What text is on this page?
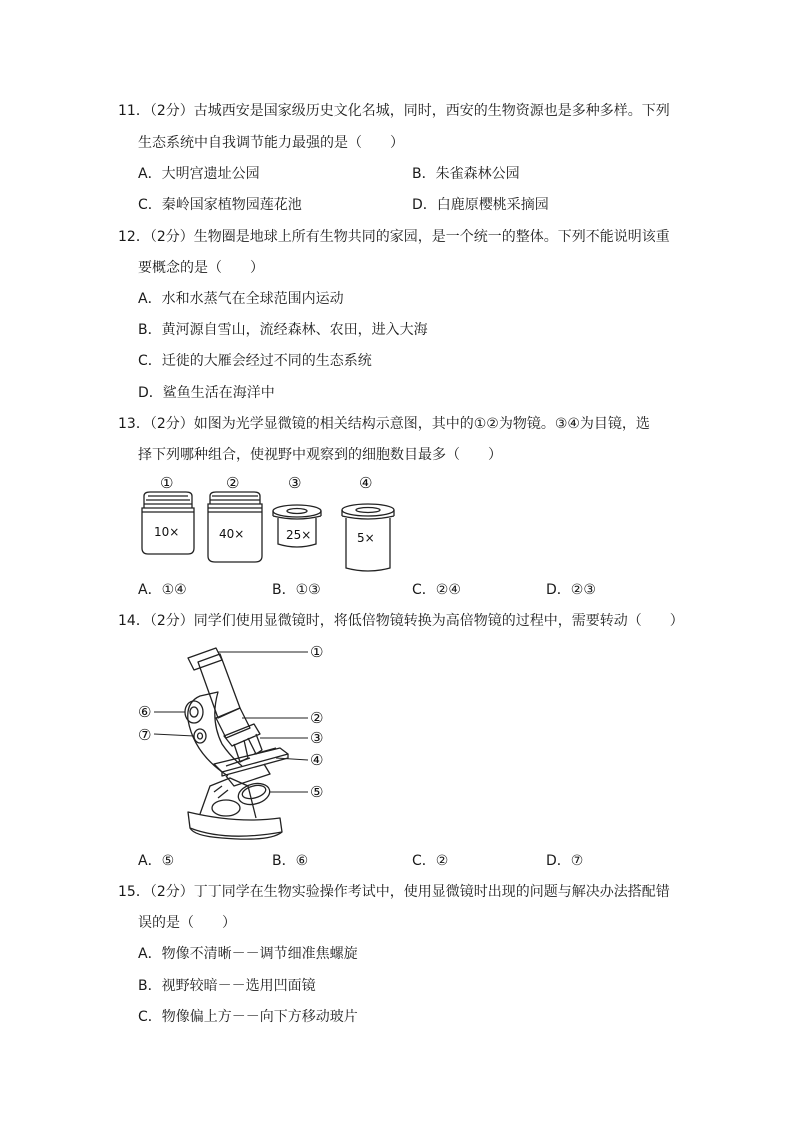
11．（2分）古城西安是国家级历史文化名城，同时，西安的生物资源也是多种多样。下列
生态系统中自我调节能力最强的是（　　）
A．大明宫遗址公园	B．朱雀森林公园
C．秦岭国家植物园莲花池	D．白鹿原樱桃采摘园
12．（2分）生物圈是地球上所有生物共同的家园，是一个统一的整体。下列不能说明该重
要概念的是（　　）
A．水和水蒸气在全球范围内运动
B．黄河源自雪山，流经森林、农田，进入大海
C．迁徙的大雁会经过不同的生态系统
D．鲨鱼生活在海洋中
13．（2分）如图为光学显微镜的相关结构示意图，其中的①②为物镜。③④为目镜，选
择下列哪种组合，使视野中观察到的细胞数目最多（　　）
①	②	③	④
10×	40×	25×	5×
A．①④	B．①③	C．②④	D．②③
14．（2分）同学们使用显微镜时，将低倍物镜转换为高倍物镜的过程中，需要转动（　　）
①
②
③
④
⑤
⑥
⑦
A．⑤	B．⑥	C．②	D．⑦
15．（2分）丁丁同学在生物实验操作考试中，使用显微镜时出现的问题与解决办法搭配错
误的是（　　）
A．物像不清晰－－调节细准焦螺旋
B．视野较暗－－选用凹面镜
C．物像偏上方－－向下方移动玻片
